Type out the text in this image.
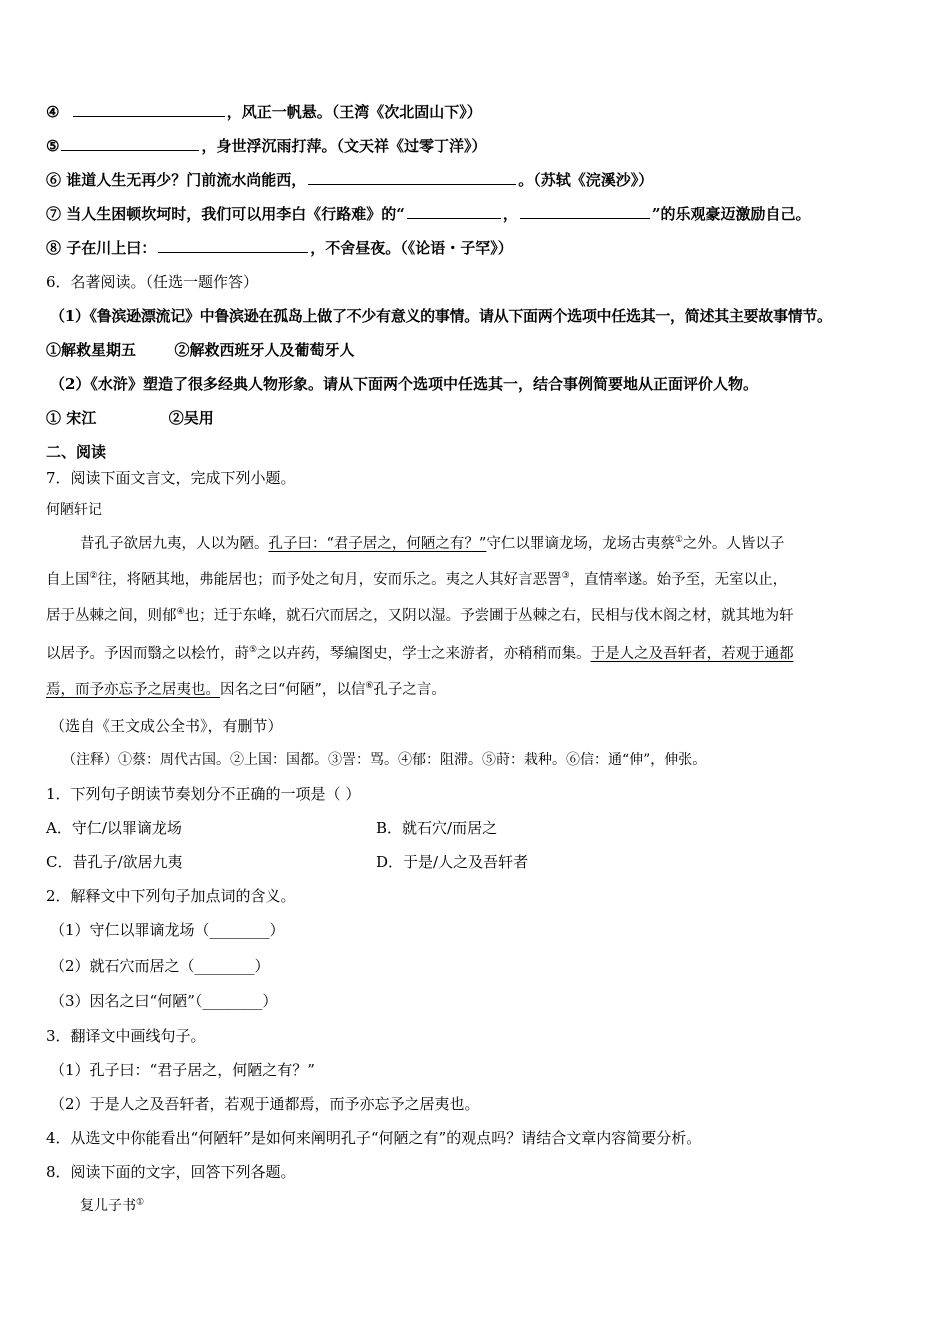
④	，风正一帆悬。（王湾《次北固山下》）
⑤	，身世浮沉雨打萍。（文天祥《过零丁洋》）
⑥ 谁道人生无再少？门前流水尚能西，	。（苏轼《浣溪沙》）
⑦ 当人生困顿坎坷时，我们可以用李白《行路难》的“	，	”的乐观豪迈激励自己。
⑧ 子在川上曰：	，不舍昼夜。（《论语・子罕》）
6．名著阅读。（任选一题作答）
（1）《鲁滨逊漂流记》中鲁滨逊在孤岛上做了不少有意义的事情。请从下面两个选项中任选其一，简述其主要故事情节。
①解救星期五	②解救西班牙人及葡萄牙人
（2）《水浒》塑造了很多经典人物形象。请从下面两个选项中任选其一，结合事例简要地从正面评价人物。
① 宋江	②吴用
二、阅读
7．阅读下面文言文，完成下列小题。
何陋轩记
昔孔子欲居九夷，人以为陋。孔子曰：“君子居之，何陋之有？”守仁以罪谪龙场，龙场古夷蔡①之外。人皆以子
自上国②往，将陋其地，弗能居也；而予处之旬月，安而乐之。夷之人其好言恶詈③，直情率遂。始予至，无室以止，
居于丛棘之间，则郁④也；迁于东峰，就石穴而居之，又阴以湿。予尝圃于丛棘之右，民相与伐木阁之材，就其地为轩
以居予。予因而翳之以桧竹，莳⑤之以卉药，琴编图史，学士之来游者，亦稍稍而集。于是人之及吾轩者，若观于通都
焉，而予亦忘予之居夷也。因名之曰“何陋”，以信⑥孔子之言。
（选自《王文成公全书》，有删节）
（注释）①蔡：周代古国。②上国：国都。③詈：骂。④郁：阻滞。⑤莳：栽种。⑥信：通“伸”，伸张。
1．下列句子朗读节奏划分不正确的一项是（ ）
A．守仁/以罪谪龙场	B．就石穴/而居之
C．昔孔子/欲居九夷	D．于是/人之及吾轩者
2．解释文中下列句子加点词的含义。
（1）守仁以罪谪龙场（________）
（2）就石穴而居之（________）
（3）因名之曰“何陋”（________）
3．翻译文中画线句子。
（1）孔子曰：“君子居之，何陋之有？”
（2）于是人之及吾轩者，若观于通都焉，而予亦忘予之居夷也。
4．从选文中你能看出“何陋轩”是如何来阐明孔子“何陋之有”的观点吗？请结合文章内容简要分析。
8．阅读下面的文字，回答下列各题。
复儿子书①
